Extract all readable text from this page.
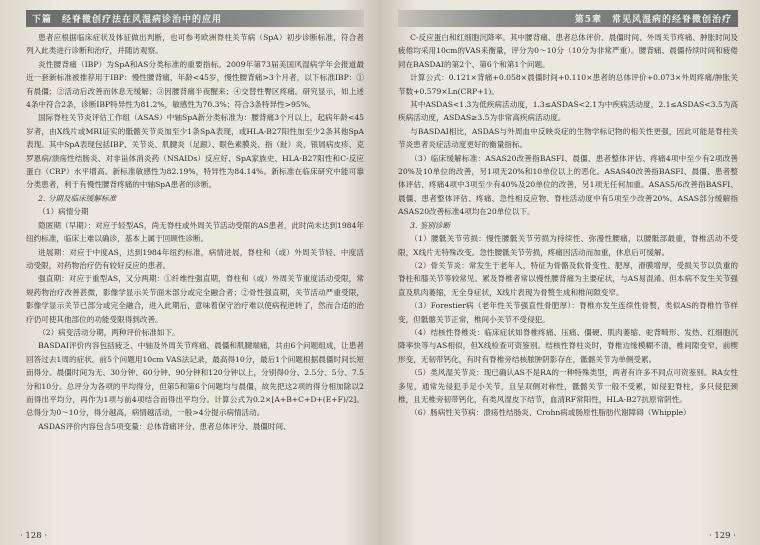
下篇　经脊微创疗法在风湿病诊治中的应用

患者应根据临床症状及体征做出判断，也可参考欧洲脊柱关节病（SpA）初步诊断标准，符合者列入此类进行诊断和治疗，并随访观察。

炎性腰背痛（IBP）为SpA和AS分类标准的重要指标。2009年第73届美国风湿病学年会报道最近一套新标准被推荐用于IBP：慢性腰背痛，年龄<45岁，慢性腰背痛>3个月者，以下标准IBP：①有晨僵；②活动后改善而休息无缓解；③因腰背痛半夜醒来；④交替性臀区疼痛。研究显示，如上述4条中符合2条，诊断IBP特异性为81.2%，敏感性为70.3%；符合3条特异性>95%。

国际脊柱关节炎评估工作组（ASAS）中轴SpA新分类标准为：腰背痛3个月以上，起病年龄<45岁者，由X线片或MRI证实的骶髂关节炎加至少1条SpA表现，或HLA-B27阳性加至少2条其他SpA表现。其中SpA表现包括IBP、关节炎、肌腱炎（足跟）、眼色素膜炎、指（趾）炎、银屑病皮疹、克罗恩病/溃疡性结肠炎、对非甾体消炎药（NSAIDs）反应好、SpA家族史、HLA-B27阳性和C-反应蛋白（CRP）水平增高。新标准敏感性为82.19%，特异性为84.14%。新标准在临床研究中能可靠分类患者，利于有慢性腰背疼痛的中轴SpA患者的诊断。

2. 分期及临床缓解标准

（1）病情分期

隐匿期（早期）：对应于轻型AS，尚无脊柱或外周关节活动受限的AS患者，此时尚未达到1984年纽约标准，临床上难以确诊，基本上属于回顾性诊断。

进展期：对应于中度AS，达到1984年纽约标准，病情进展，脊柱和（或）外周关节轻、中度活动受限，对药物治疗仍有较好反应的患者。

强直期：对应于重型AS，又分两期：①纤维性强直期，脊柱和（或）外周关节重度活动受限，常规药物治疗改善甚微，影像学显示关节面未部分或完全融合者；②骨性强直期，关节活动严重受限，影像学显示关节已部分或完全融合，进入此期后，意味着保守治疗难以使病程逆转了，然而合适的治疗仍可使其他部位的功能受限得到改善。

（2）病变活动分期，两种评价标准如下。

BASDAI评价内容包括疲乏、中轴及外周关节疼痛、晨僵和肌腱端痛，共由6个问题组成，让患者回答过去1周的症状。前5个问题用10cm VAS法记录，最高得10分，最后1个问题根据晨僵时间长短而得分。晨僵时间为无、30分钟、60分钟、90分钟和120分钟以上，分别得0分、2.5分、5分、7.5分和10分。总评分为各项的平均得分，但第5和第6个问题均与晨僵，故先把这2项的得分相加除以2而得出平均分，再作为1项与前4项结合而得出平均分。计算公式为0.2×[A+B+C+D+(E+F)/2]。总得分为0～10分，得分越高，病情越活动，一般>4分提示病情活动。

ASDAS评价内容包含5项变量：总体背痛评分、患者总体评分、晨僵时间、

· 128 ·
第5章　常见风湿病的经脊微创治疗

C-反应蛋白和红细胞沉降率。其中腰背痛、患者总体评价、晨僵时间、外周关节疼痛、肿胀时间及疲倦均采用10cm的VAS来衡量，评分为0～10分（10分为非常严重）。腰背痛、晨僵持续时间和疲倦同在BASDAI的第2个、第6个和第1个问题。

计算公式：0.121×背痛+0.058×晨僵时间+0.110×患者的总体评价+0.073×外周疼痛/肿胀关节数+0.579×Ln(CRP+1)。

其中ASDAS<1.3为低疾病活动度，1.3≤ASDAS<2.1为中疾病活动度，2.1≤ASDAS<3.5为高疾病活动度，ASDAS≥3.5为非常高疾病活动度。

与BASDAI相比，ASDAS与外周血中反映炎症的生物学标记物的相关性更强，因此可能是脊柱关节炎患者炎症活动度更好的衡量指标。

（3）临床缓解标准：ASAS20改善指BASFI、晨僵、患者整体评估、疼痛4项中至少有2项改善20%及10单位的改善，另1项无20%和10单位以上的恶化。ASAS40改善指BASFI、晨僵、患者整体评估、疼痛4项中3项至少有40%及20单位的改善，另1项无任何加重。ASAS5/6改善指BASFI、晨僵、患者整体评估、疼痛、急性相反应物、脊柱活动度中有5项至少改善20%。ASAS部分缓解指ASAS20改善标准4项均在20单位以下。

3. 鉴别诊断

（1）腰骶关节劳损：慢性腰骶关节劳损为持续性、弥漫性腰痛，以腰骶部最重，脊椎活动不受限，X线片无特殊改变。急性腰骶关节劳损，疼痛因活动而加重，休息后可缓解。

（2）骨关节炎：常发生于老年人，特征为骨骼及软骨变性、肥厚，滑膜增厚，受损关节以负重的脊柱和膝关节等较常见。累及脊椎者常以慢性腰背痛为主要症状，与AS易混淆。但本病不发生关节强直及肌肉萎缩，无全身症状，X线片表现为骨赘生成和椎间隙变窄。

（3）Forestier病（老年性关节强直性骨肥厚）：脊椎亦发生连续性骨赘，类似AS的脊椎竹节样变，但骶髂关节正常，椎间小关节不受侵犯。

（4）结核性脊椎炎：临床症状如脊椎疼痛、压痛、僵硬、肌肉萎缩、驼背畸形、发热、红细胞沉降率快等与AS相似，但X线检查可资鉴别。结核性脊柱炎时，脊椎边缘模糊不清，椎间隙变窄，前楔形变，无韧带钙化，有时有脊椎旁结核脓肿阴影存在，骶髂关节为单侧受累。

（5）类风湿关节炎：现已确认AS不是RA的一种特殊类型，两者有许多不同点可资鉴别。RA女性多见，通常先侵犯手足小关节，且呈双侧对称性，骶髂关节一般不受累，如侵犯脊柱，多只侵犯颈椎，且无椎旁韧带钙化，有类风湿皮下结节，血清RF常阳性，HLA-B27抗原常阴性。

（6）肠病性关节病：溃疡性结肠炎、Crohn病或肠原性脂肪代谢障碍（Whipple）

· 129 ·
